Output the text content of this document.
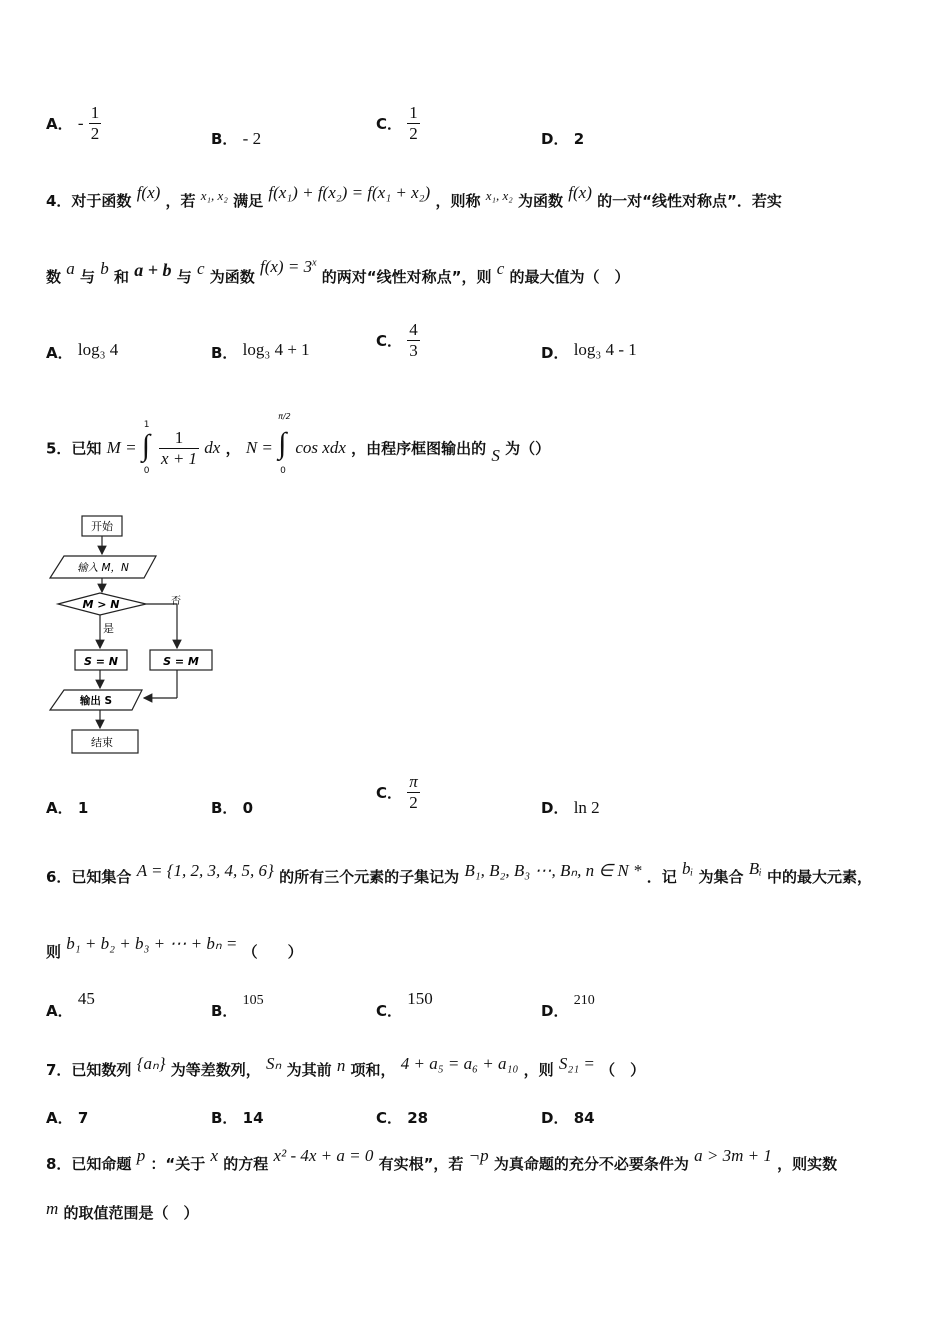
A． - $\frac{1}{2}$	B． - 2
C． $\frac{1}{2}$	D． 2
4．对于函数 f(x) ，若 x₁, x₂ 满足 f(x₁) + f(x₂) = f(x₁ + x₂) ，则称 x₁, x₂ 为函数 f(x) 的一对“线性对称点”．若实
数 a 与 b 和 a + b 与 c 为函数 $f(x) = 3^x$ 的两对“线性对称点”，则 c 的最大值为（　）
A． log₃ 4	B． log₃ 4 + 1	C． $\frac{4}{3}$	D． log₃ 4 - 1
5．已知 M =
1
∫
0

$\frac{1}{x + 1}$ dx ， N =
π/2
∫
0
cos xdx ，由程序框图输出的 S 为（）
开始
输入 M，N
M > N	否
是
S = N	S = M
输出 S
结束
A． 1	B． 0
C． $\frac{\pi}{2}$	D． ln 2
6．已知集合 A = {1, 2, 3, 4, 5, 6} 的所有三个元素的子集记为 B₁, B₂, B₃ ⋯, Bₙ, n ∈ N * ．记 bᵢ 为集合 Bᵢ 中的最大元素，
则 b₁ + b₂ + b₃ + ⋯ + bₙ = （　　）
A． 45
B． 105
C． 150
D． 210
7．已知数列 {aₙ} 为等差数列， Sₙ 为其前 n 项和， 4 + a₅ = a₆ + a₁₀ ，则 S₂₁ = （　）
A． 7	B． 14	C． 28	D． 84
8．已知命题 p ：“关于 x 的方程 x² - 4x + a = 0 有实根”，若 ¬p 为真命题的充分不必要条件为 a > 3m + 1 ，则实数
m 的取值范围是（　）
